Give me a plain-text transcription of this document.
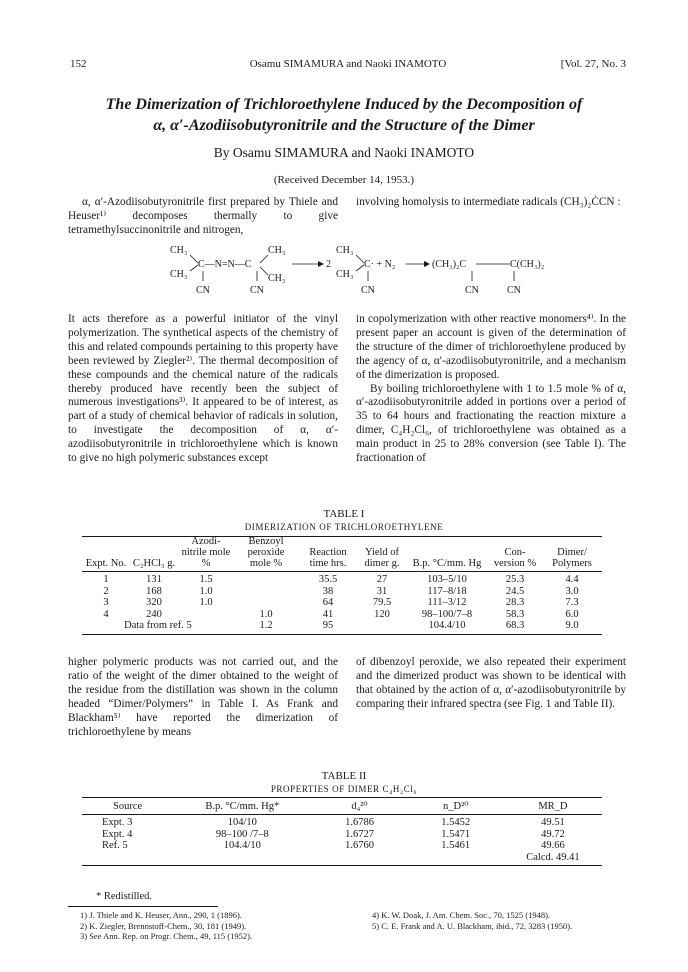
152	Osamu SIMAMURA and Naoki INAMOTO	[Vol. 27, No. 3
The Dimerization of Trichloroethylene Induced by the Decomposition of
α, α′-Azodiisobutyronitrile and the Structure of the Dimer
By Osamu SIMAMURA and Naoki INAMOTO
(Received December 14, 1953.)

α, α′-Azodiisobutyronitrile first prepared by Thiele and Heuser¹⁾ decomposes thermally to give tetramethylsuccinonitrile and nitrogen,

involving homolysis to intermediate radicals (CH₃)₂ĊCN :

CH₃
CH₃
C—N=N—C
CN
CH₃
CH₃
CN
2
CH₃
CH₃
C· + N₂
CN
(CH₃)₂C	C(CH₃)₂
CN	CN

It acts therefore as a powerful initiator of the vinyl polymerization. The synthetical aspects of the chemistry of this and related compounds pertaining to this property have been reviewed by Ziegler²⁾. The thermal decomposition of these compounds and the chemical nature of the radicals thereby produced have recently been the subject of numerous investigations³⁾. It appeared to be of interest, as part of a study of chemical behavior of radicals in solution, to investigate the decomposition of α, α′-azodiisobutyronitrile in trichloroethylene which is known to give no high polymeric substances except

in copolymerization with other reactive monomers⁴⁾. In the present paper an account is given of the determination of the structure of the dimer of trichloroethylene produced by the agency of α, α′-azodiisobutyronitrile, and a mechanism of the dimerization is proposed.

By boiling trichloroethylene with 1 to 1.5 mole % of α, α′-azodiisobutyronitrile added in portions over a period of 35 to 64 hours and fractionating the reaction mixture a dimer, C₄H₂Cl₆, of trichloroethylene was obtained as a main product in 25 to 28% conversion (see Table I). The fractionation of

TABLE I
DIMERIZATION OF TRICHLOROETHYLENE
Expt. No.	C₂HCl₃ g.	Azodi-nitrile mole %	Benzoyl peroxide mole %	Reaction time hrs.	Yield of dimer g.	B.p. °C/mm. Hg	Con-version %	Dimer/ Polymers
1	131	1.5		35.5	27	103–5/10	25.3	4.4
2	168	1.0		38	31	117–8/18	24.5	3.0
3	320	1.0		64	79.5	111–3/12	28.3	7.3
4	240		1.0	41	120	98–100/7–8	58.3	6.0
Data from ref. 5			1.2	95		104.4/10	68.3	9.0

higher polymeric products was not carried out, and the ratio of the weight of the dimer obtained to the weight of the residue from the distillation was shown in the column headed “Dimer/Polymers” in Table I. As Frank and Blackham⁵⁾ have reported the dimerization of trichloroethylene by means

of dibenzoyl peroxide, we also repeated their experiment and the dimerized product was shown to be identical with that obtained by the action of α, α′-azodiisobutyronitrile by comparing their infrared spectra (see Fig. 1 and Table II).

TABLE II
PROPERTIES OF DIMER C₄H₂Cl₆
Source	B.p. °C/mm. Hg*	d₄²⁰	n_D²⁰	MR_D
Expt. 3	104/10	1.6786	1.5452	49.51
Expt. 4	98–100 /7–8	1.6727	1.5471	49.72
Ref. 5	104.4/10	1.6760	1.5461	49.66
				Calcd. 49.41
* Redistilled.

1) J. Thiele and K. Heuser, Ann., 290, 1 (1896).

2) K. Ziegler, Brennstoff-Chem., 30, 181 (1949).

3) See Ann. Rep. on Progr. Chem., 49, 115 (1952).

4) K. W. Doak, J. Am. Chem. Soc., 70, 1525 (1948).

5) C. E. Frank and A. U. Blackham, ibid., 72, 3283 (1950).
